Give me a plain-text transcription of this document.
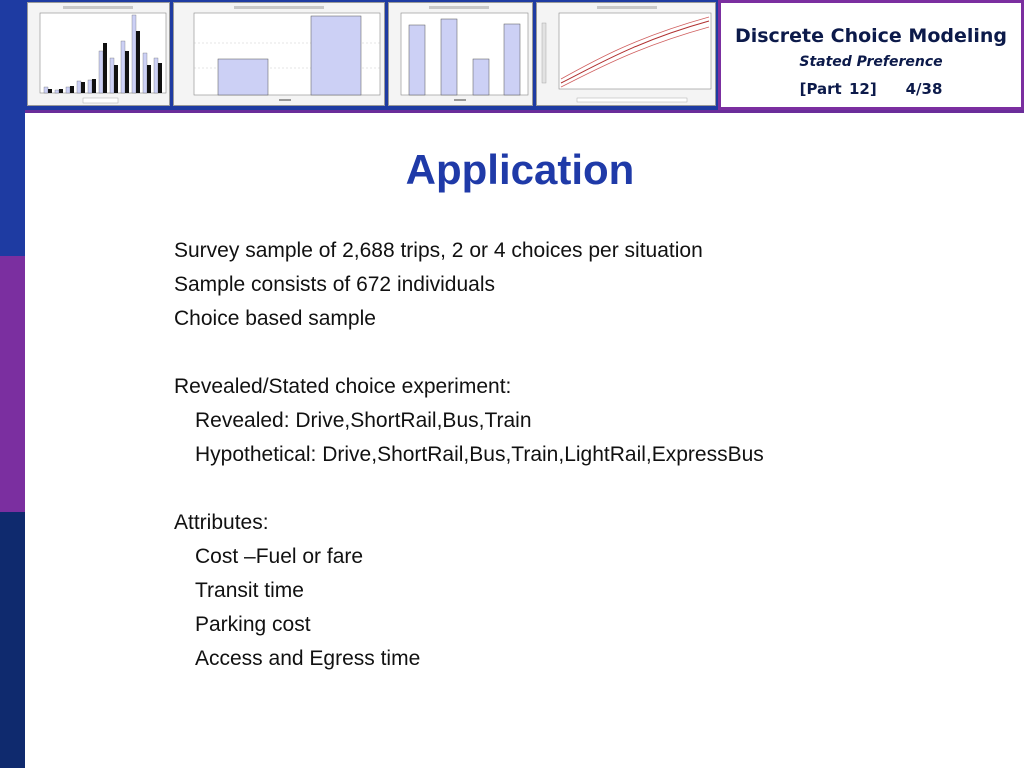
Discrete Choice Modeling
Stated Preference
[Part 12] 4/38
Application
Survey sample of 2,688 trips, 2 or 4 choices per situation
Sample consists of 672 individuals
Choice based sample
Revealed/Stated choice experiment:
Revealed: Drive,ShortRail,Bus,Train
Hypothetical: Drive,ShortRail,Bus,Train,LightRail,ExpressBus
Attributes:
Cost –Fuel or fare
Transit time
Parking cost
Access and Egress time
